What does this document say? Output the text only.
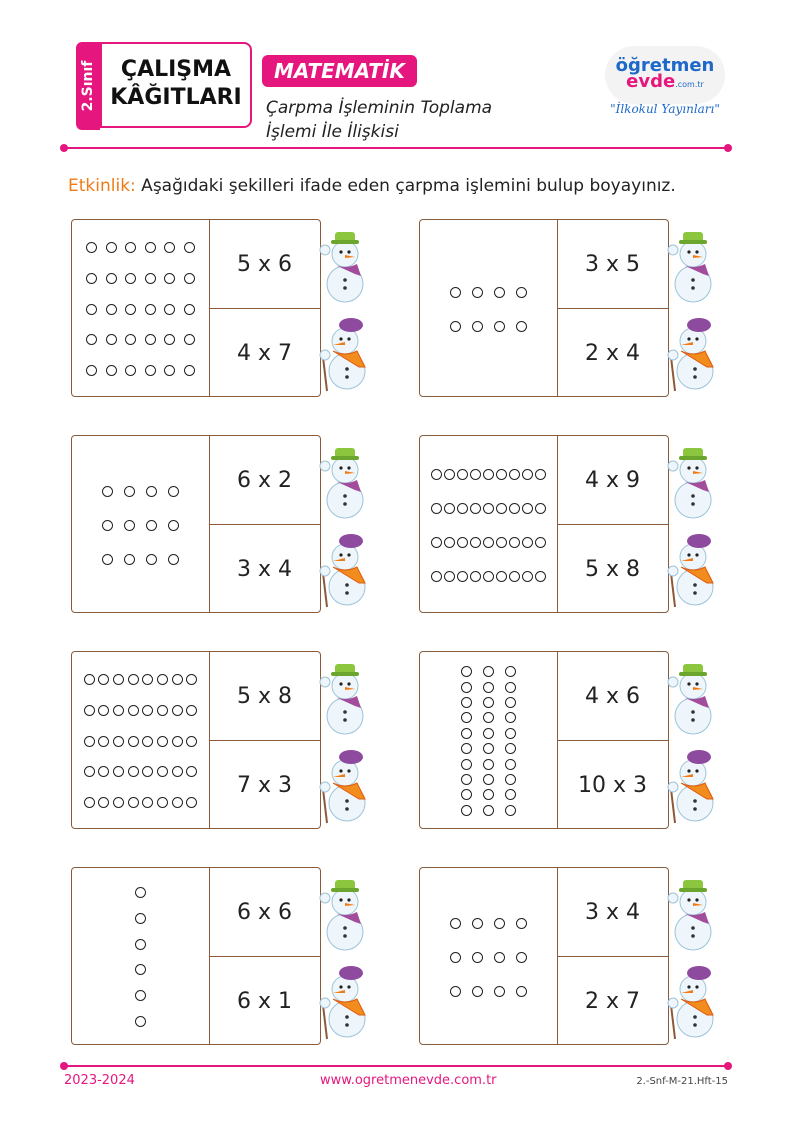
2.Sınıf	ÇALIŞMA
KÂĞITLARI
MATEMATİK
Çarpma İşleminin Toplama
İşlemi İle İlişkisi
öğretmen
evde.com.tr
"İlkokul Yayınları"
Etkinlik: Aşağıdaki şekilleri ifade eden çarpma işlemini bulup boyayınız.
5 x 6
4 x 7
3 x 5
2 x 4
6 x 2
3 x 4
4 x 9
5 x 8
5 x 8
7 x 3
4 x 6
10 x 3
6 x 6
6 x 1
3 x 4
2 x 7
2023-2024	www.ogretmenevde.com.tr	2.-Snf-M-21.Hft-15
